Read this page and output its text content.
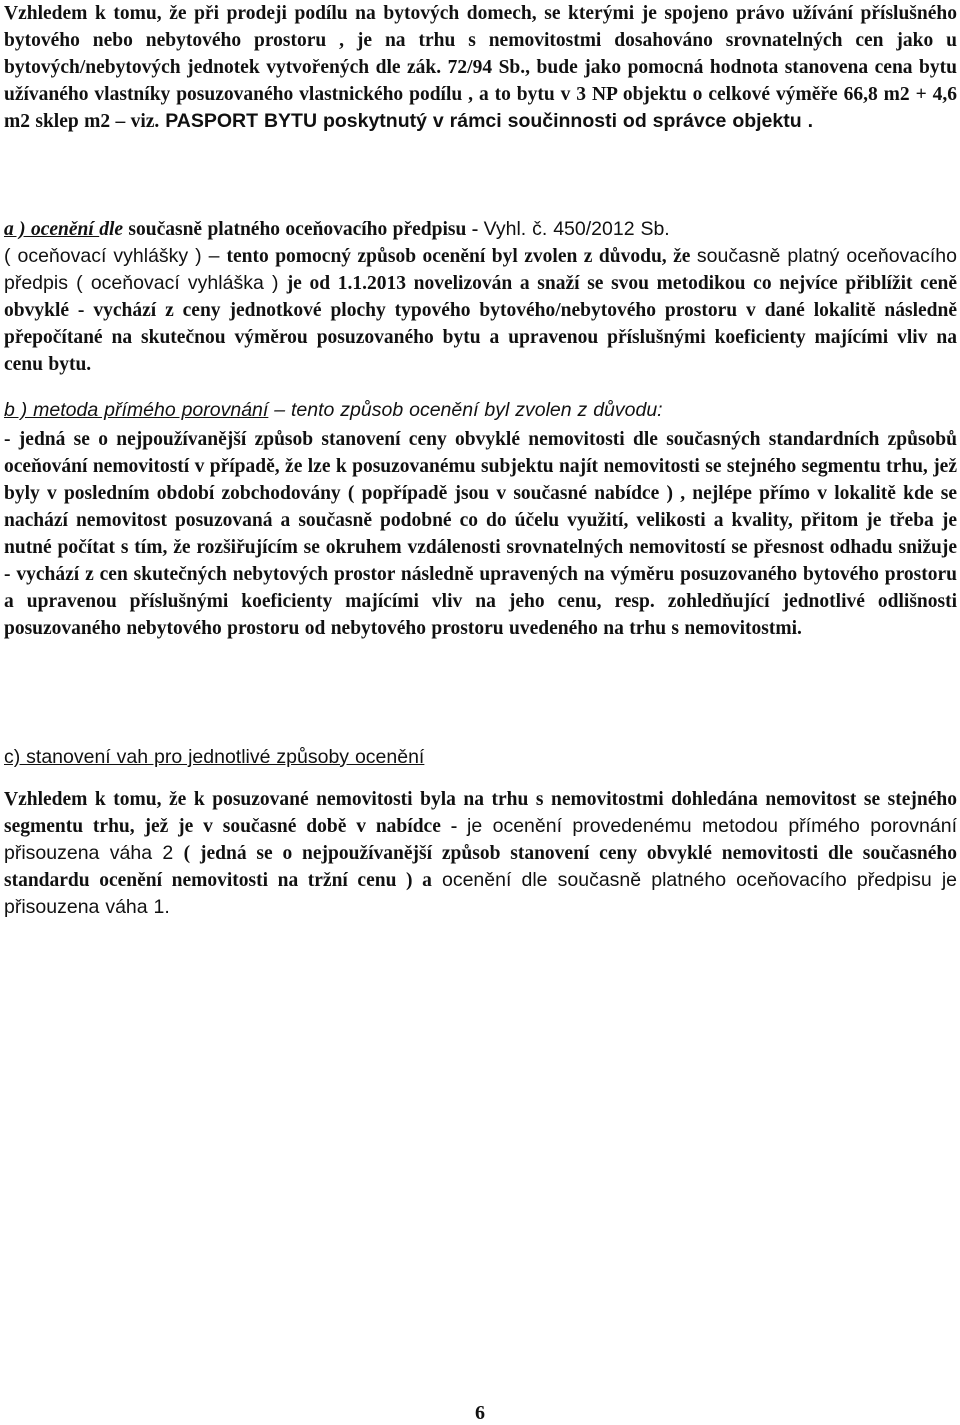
Vzhledem k tomu, že při prodeji podílu na bytových domech, se kterými je spojeno právo užívání příslušného bytového nebo nebytového prostoru , je na trhu s nemovitostmi dosahováno srovnatelných cen jako u bytových/nebytových jednotek vytvořených dle zák. 72/94 Sb., bude jako pomocná hodnota stanovena cena bytu užívaného vlastníky posuzovaného vlastnického podílu , a to bytu v 3 NP objektu o celkové výměře 66,8 m2 + 4,6 m2 sklep m2 – viz. PASPORT BYTU poskytnutý v rámci součinnosti od správce objektu .

a ) ocenění dle současně platného oceňovacího předpisu - Vyhl. č. 450/2012 Sb.

( oceňovací vyhlášky ) – tento pomocný způsob ocenění byl zvolen z důvodu, že současně platný oceňovacího předpis ( oceňovací vyhláška ) je od 1.1.2013 novelizován a snaží se svou metodikou co nejvíce přiblížit ceně obvyklé - vychází z ceny jednotkové plochy typového bytového/nebytového prostoru v dané lokalitě následně přepočítané na skutečnou výměrou posuzovaného bytu a upravenou příslušnými koeficienty majícími vliv na cenu bytu.

b ) metoda přímého porovnání – tento způsob ocenění byl zvolen z důvodu:

- jedná se o nejpoužívanější způsob stanovení ceny obvyklé nemovitosti dle současných standardních způsobů oceňování nemovitostí v případě, že lze k posuzovanému subjektu najít nemovitosti se stejného segmentu trhu, jež byly v posledním období zobchodovány ( popřípadě jsou v současné nabídce ) , nejlépe přímo v lokalitě kde se nachází nemovitost posuzovaná a současně podobné co do účelu využití, velikosti a kvality, přitom je třeba je nutné počítat s tím, že rozšiřujícím se okruhem vzdálenosti srovnatelných nemovitostí se přesnost odhadu snižuje - vychází z cen skutečných nebytových prostor následně upravených na výměru posuzovaného bytového prostoru a upravenou příslušnými koeficienty majícími vliv na jeho cenu, resp. zohledňující jednotlivé odlišnosti posuzovaného nebytového prostoru od nebytového prostoru uvedeného na trhu s nemovitostmi.

c) stanovení vah pro jednotlivé způsoby ocenění

Vzhledem k tomu, že k posuzované nemovitosti byla na trhu s nemovitostmi dohledána nemovitost se stejného segmentu trhu, jež je v současné době v nabídce - je ocenění provedenému metodou přímého porovnání přisouzena váha 2 ( jedná se o nejpoužívanější způsob stanovení ceny obvyklé nemovitosti dle současného standardu ocenění nemovitosti na tržní cenu ) a ocenění dle současně platného oceňovacího předpisu je přisouzena váha 1.

6
